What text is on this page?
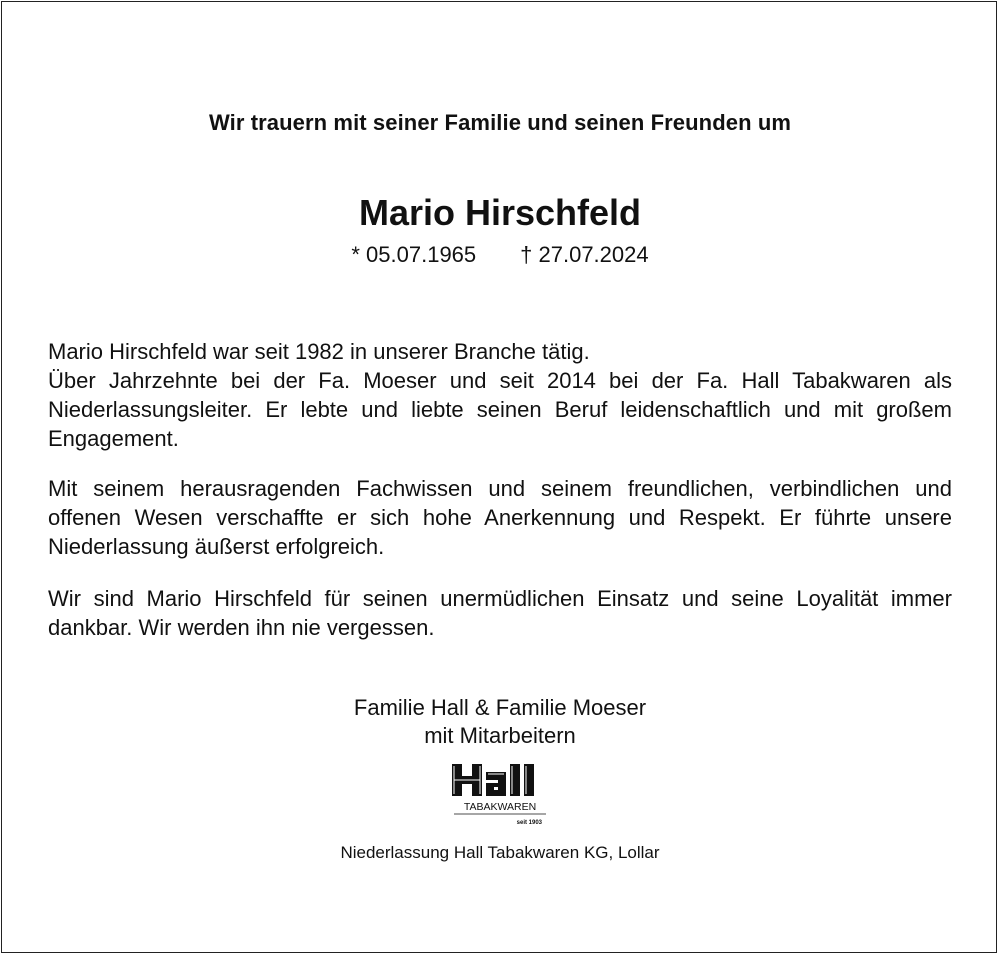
Wir trauern mit seiner Familie und seinen Freunden um
Mario Hirschfeld
* 05.07.1965 † 27.07.2024

Mario Hirschfeld war seit 1982 in unserer Branche tätig.
Über Jahrzehnte bei der Fa. Moeser und seit 2014 bei der Fa. Hall Tabakwaren als
Niederlassungsleiter. Er lebte und liebte seinen Beruf leidenschaftlich und mit großem
Engagement.

Mit seinem herausragenden Fachwissen und seinem freundlichen, verbindlichen und
offenen Wesen verschaffte er sich hohe Anerkennung und Respekt. Er führte unsere
Niederlassung äußerst erfolgreich.

Wir sind Mario Hirschfeld für seinen unermüdlichen Einsatz und seine Loyalität immer
dankbar. Wir werden ihn nie vergessen.

Familie Hall & Familie Moeser
mit Mitarbeitern
TABAKWAREN
seit 1903
Niederlassung Hall Tabakwaren KG, Lollar
